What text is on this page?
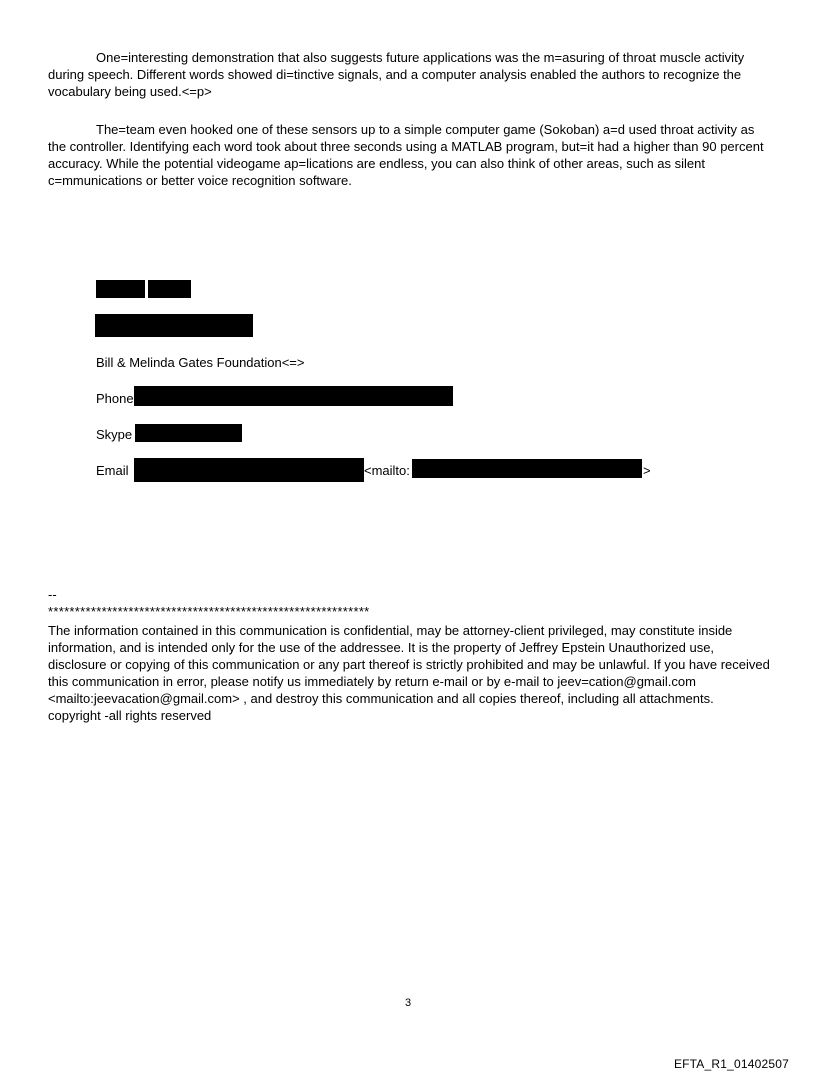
One=interesting demonstration that also suggests future applications was the m=asuring of throat muscle activity during speech. Different words showed di=tinctive signals, and a computer analysis enabled the authors to recognize the vocabulary being used.<=p>

The=team even hooked one of these sensors up to a simple computer game (Sokoban) a=d used throat activity as the controller. Identifying each word took about three seconds using a MATLAB program, but=it had a higher than 90 percent accuracy. While the potential videogame ap=lications are endless, you can also think of other areas, such as silent c=mmunications or better voice recognition software.

Bill & Melinda Gates Foundation<=>
Phone
Skype
Email	<mailto:	>
--
************************************************************

The information contained in this communication is confidential, may be attorney-client privileged, may constitute inside information, and is intended only for the use of the addressee. It is the property of Jeffrey Epstein Unauthorized use, disclosure or copying of this communication or any part thereof is strictly prohibited and may be unlawful. If you have received this communication in error, please notify us immediately by return e-mail or by e-mail to jeev=cation@gmail.com <mailto:jeevacation@gmail.com> , and destroy this communication and all copies thereof, including all attachments. copyright -all rights reserved

3
EFTA_R1_01402507
